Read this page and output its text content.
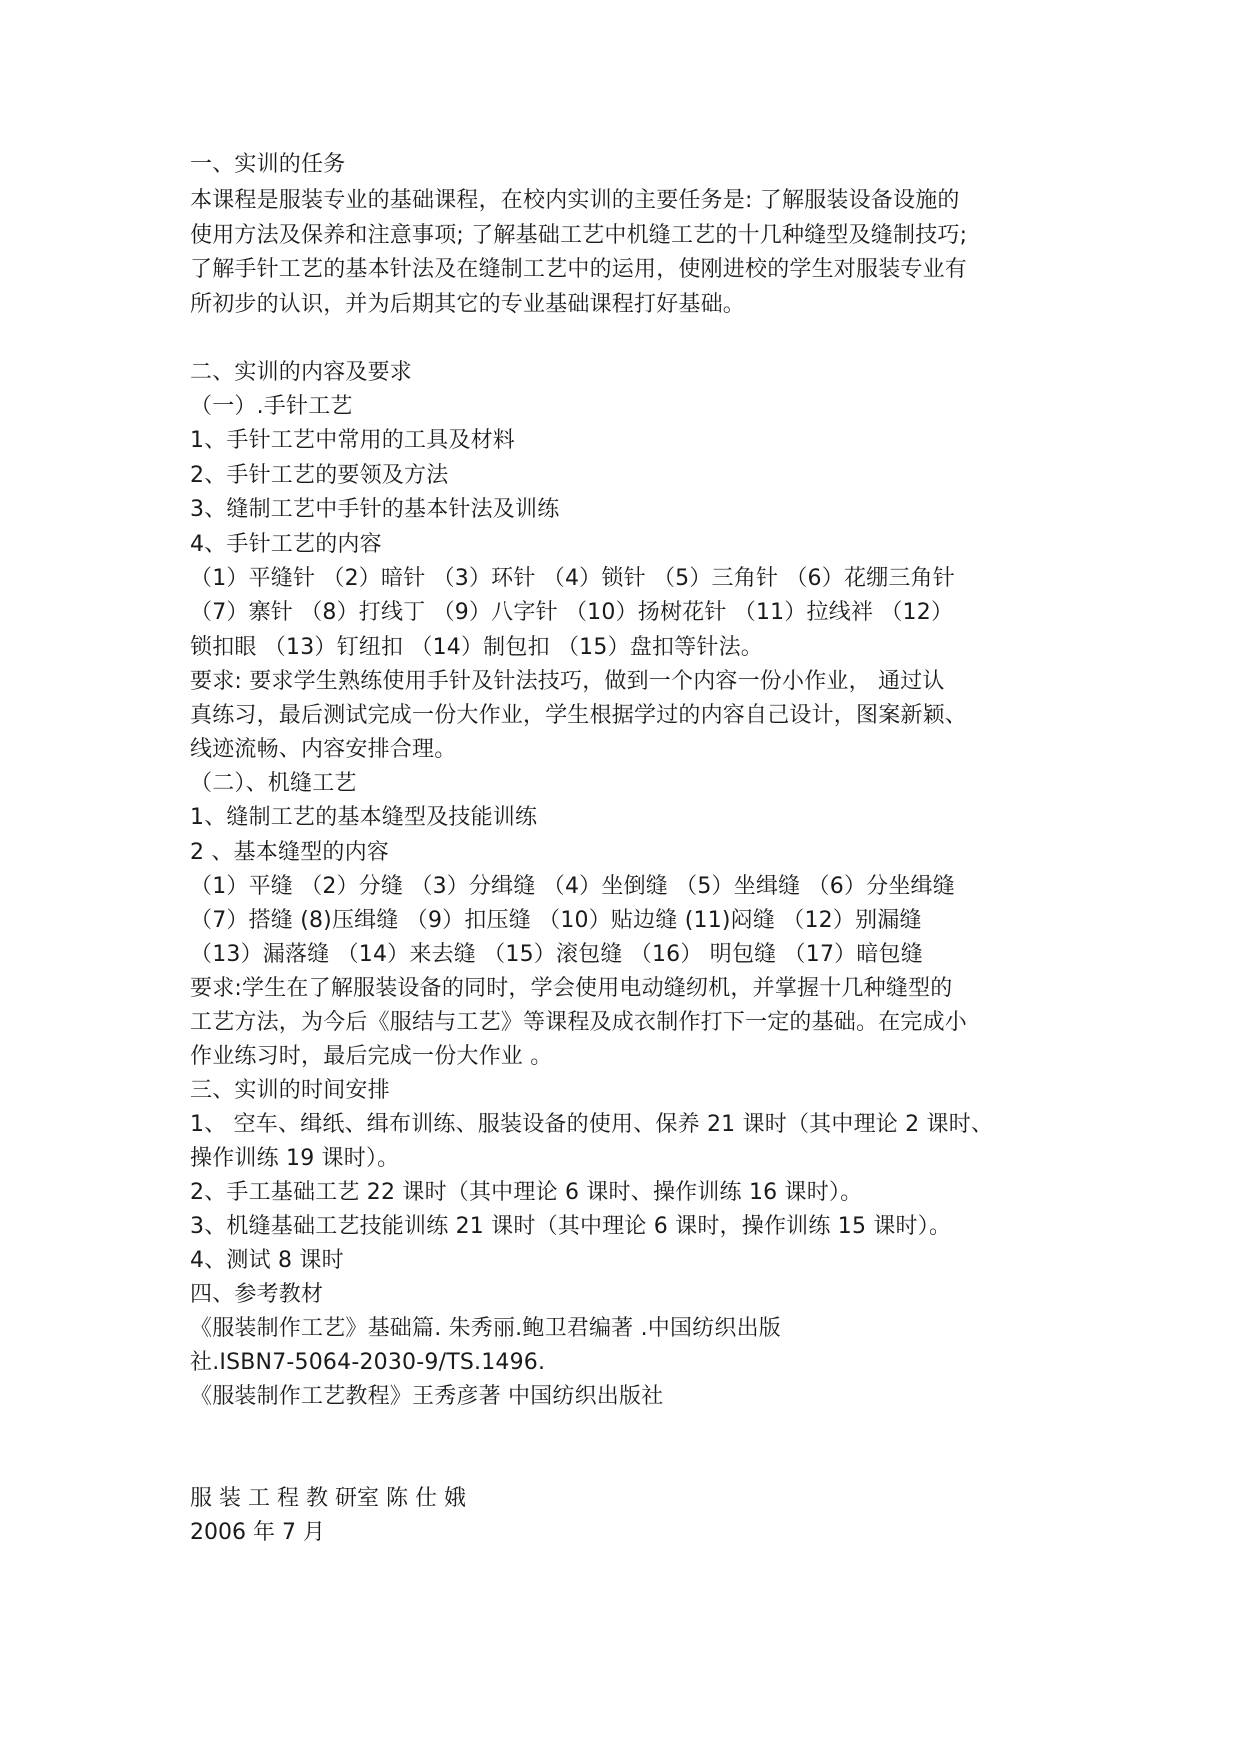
一、实训的任务
本课程是服装专业的基础课程，在校内实训的主要任务是: 了解服装设备设施的
使用方法及保养和注意事项; 了解基础工艺中机缝工艺的十几种缝型及缝制技巧;
了解手针工艺的基本针法及在缝制工艺中的运用，使刚进校的学生对服装专业有
所初步的认识，并为后期其它的专业基础课程打好基础。
二、实训的内容及要求
（一）.手针工艺
1、手针工艺中常用的工具及材料
2、手针工艺的要领及方法
3、缝制工艺中手针的基本针法及训练
4、手针工艺的内容
（1）平缝针 （2）暗针 （3）环针 （4）锁针 （5）三角针 （6）花绷三角针
（7）寨针 （8）打线丁 （9）八字针 （10）扬树花针 （11）拉线袢 （12）
锁扣眼 （13）钉纽扣 （14）制包扣 （15）盘扣等针法。
要求: 要求学生熟练使用手针及针法技巧，做到一个内容一份小作业， 通过认
真练习，最后测试完成一份大作业，学生根据学过的内容自己设计，图案新颖、
线迹流畅、内容安排合理。
（二）、机缝工艺
1、缝制工艺的基本缝型及技能训练
2 、基本缝型的内容
（1）平缝 （2）分缝 （3）分缉缝 （4）坐倒缝 （5）坐缉缝 （6）分坐缉缝
（7）搭缝 (8)压缉缝 （9）扣压缝 （10）贴边缝 (11)闷缝 （12）别漏缝
（13）漏落缝 （14）来去缝 （15）滚包缝 （16） 明包缝 （17）暗包缝
要求:学生在了解服装设备的同时，学会使用电动缝纫机，并掌握十几种缝型的
工艺方法，为今后《服结与工艺》等课程及成衣制作打下一定的基础。在完成小
作业练习时，最后完成一份大作业 。
三、实训的时间安排
1、 空车、缉纸、缉布训练、服装设备的使用、保养 21 课时（其中理论 2 课时、
操作训练 19 课时）。
2、手工基础工艺 22 课时（其中理论 6 课时、操作训练 16 课时）。
3、机缝基础工艺技能训练 21 课时（其中理论 6 课时，操作训练 15 课时）。
4、测试 8 课时
四、参考教材
《服装制作工艺》基础篇. 朱秀丽.鲍卫君编著 .中国纺织出版
社.ISBN7-5064-2030-9/TS.1496.
《服装制作工艺教程》王秀彦著 中国纺织出版社
服 装 工 程 教 研室 陈 仕 娥
2006 年 7 月
